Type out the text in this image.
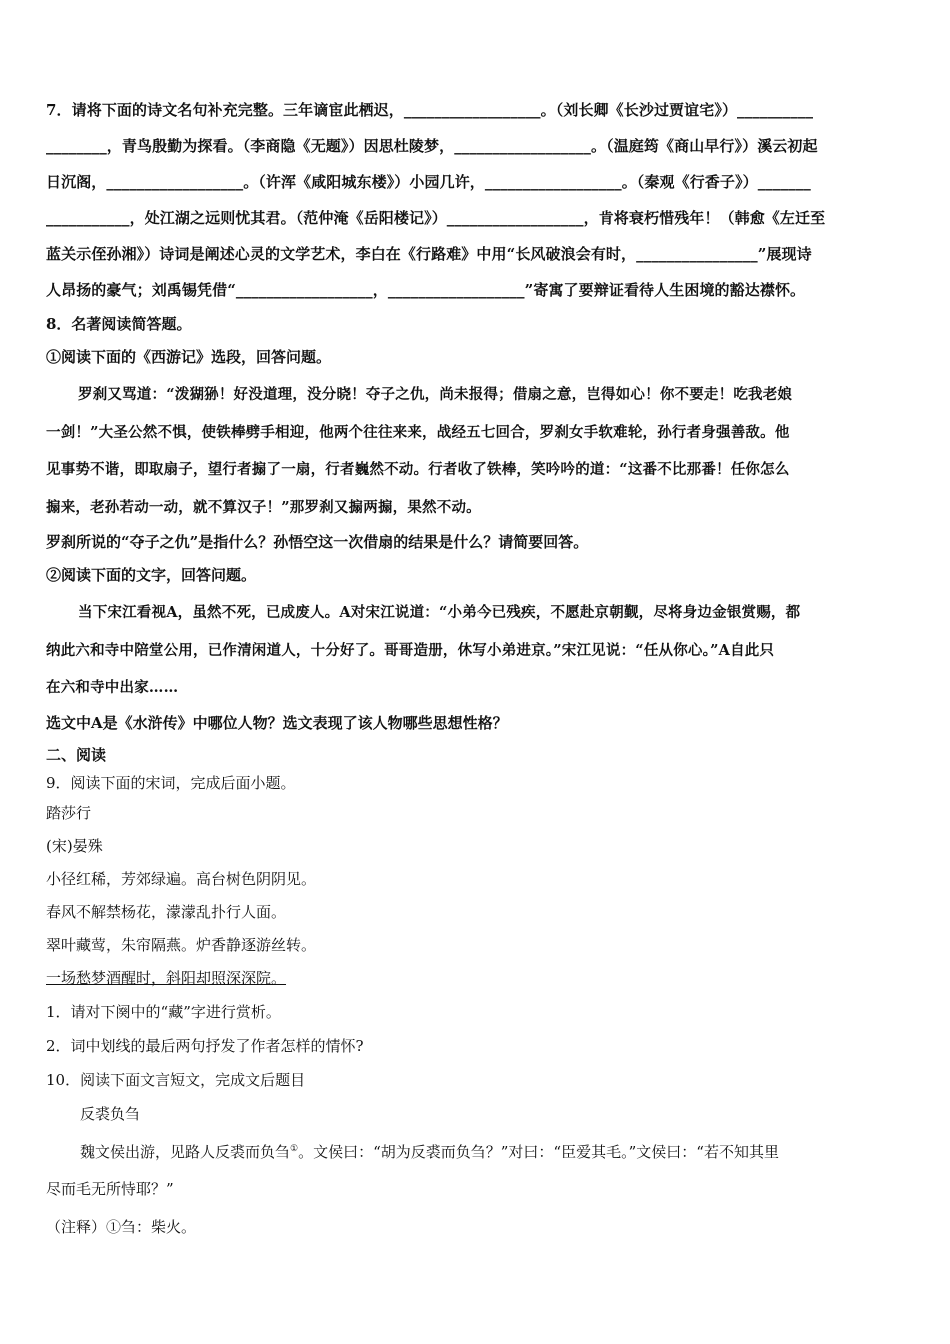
7．请将下面的诗文名句补充完整。三年谪宦此栖迟，__________________。（刘长卿《长沙过贾谊宅》）__________

________，青鸟殷勤为探看。（李商隐《无题》）因思杜陵梦，__________________。（温庭筠《商山早行》）溪云初起

日沉阁，__________________。（许浑《咸阳城东楼》）小园几许，__________________。（秦观《行香子》）_______

___________，处江湖之远则忧其君。（范仲淹《岳阳楼记》）__________________，肯将衰朽惜残年！（韩愈《左迁至

蓝关示侄孙湘》）诗词是阐述心灵的文学艺术，李白在《行路难》中用“长风破浪会有时，________________”展现诗

人昂扬的豪气；刘禹锡凭借“__________________，__________________”寄寓了要辩证看待人生困境的豁达襟怀。

8．名著阅读简答题。

①阅读下面的《西游记》选段，回答问题。

罗刹又骂道：“泼猢狲！好没道理，没分晓！夺子之仇，尚未报得；借扇之意，岂得如心！你不要走！吃我老娘

一剑！”大圣公然不惧，使铁棒劈手相迎，他两个往往来来，战经五七回合，罗刹女手软难轮，孙行者身强善敌。他

见事势不谐，即取扇子，望行者搧了一扇，行者巍然不动。行者收了铁棒，笑吟吟的道：“这番不比那番！任你怎么

搧来，老孙若动一动，就不算汉子！”那罗刹又搧两搧，果然不动。

罗刹所说的“夺子之仇”是指什么？孙悟空这一次借扇的结果是什么？请简要回答。

②阅读下面的文字，回答问题。

当下宋江看视A，虽然不死，已成废人。A对宋江说道：“小弟今已残疾，不愿赴京朝觐，尽将身边金银赏赐，都

纳此六和寺中陪堂公用，已作清闲道人，十分好了。哥哥造册，休写小弟进京。”宋江见说：“任从你心。”A自此只

在六和寺中出家……

选文中A是《水浒传》中哪位人物？选文表现了该人物哪些思想性格？

二、阅读

9．阅读下面的宋词，完成后面小题。

踏莎行

(宋)晏殊

小径红稀，芳郊绿遍。高台树色阴阴见。

春风不解禁杨花，濛濛乱扑行人面。

翠叶藏莺，朱帘隔燕。炉香静逐游丝转。

一场愁梦酒醒时，斜阳却照深深院。

1．请对下阕中的“藏”字进行赏析。

2．词中划线的最后两句抒发了作者怎样的情怀?

10．阅读下面文言短文，完成文后题目

反裘负刍

魏文侯出游，见路人反裘而负刍①。文侯曰：“胡为反裘而负刍？”对曰：“臣爱其毛。”文侯曰：“若不知其里

尽而毛无所恃耶？”

（注释）①刍：柴火。
